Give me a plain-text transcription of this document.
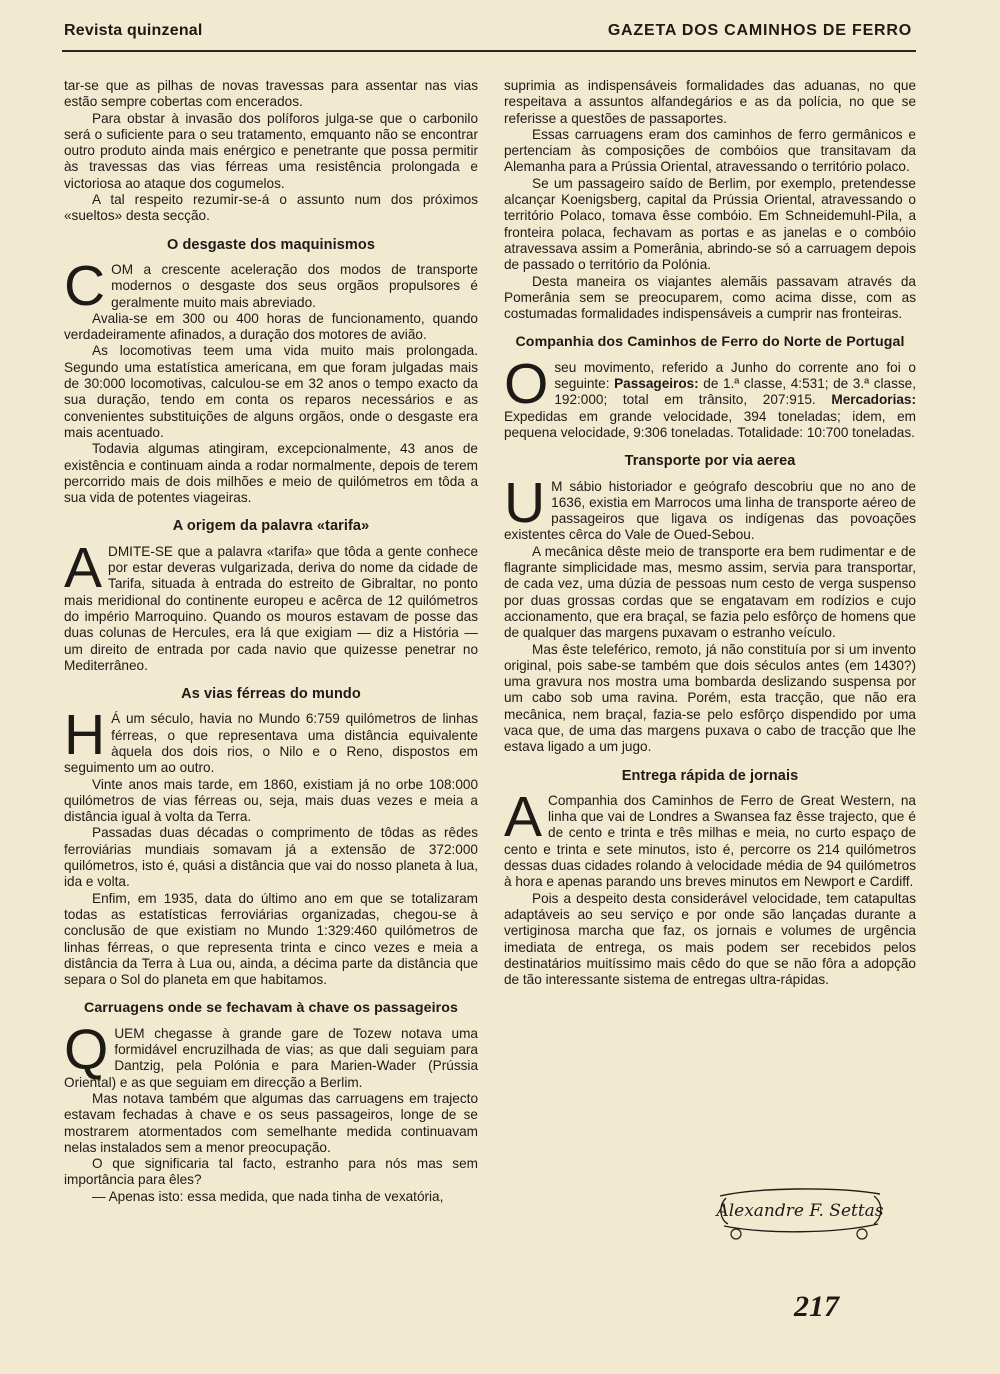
Revista quinzenal	GAZETA DOS CAMINHOS DE FERRO

tar-se que as pilhas de novas travessas para assentar nas vias estão sempre cobertas com encerados.

Para obstar à invasão dos políforos julga-se que o carbonilo será o suficiente para o seu tratamento, emquanto não se encontrar outro produto ainda mais enérgico e penetrante que possa permitir às travessas das vias férreas uma resistência prolongada e victoriosa ao ataque dos cogumelos.

A tal respeito rezumir-se-á o assunto num dos próximos «sueltos» desta secção.

O desgaste dos maquinismos

COM a crescente aceleração dos modos de transporte modernos o desgaste dos seus orgãos propulsores é geralmente muito mais abreviado.

Avalia-se em 300 ou 400 horas de funcionamento, quando verdadeiramente afinados, a duração dos motores de avião.

As locomotivas teem uma vida muito mais prolongada. Segundo uma estatística americana, em que foram julgadas mais de 30:000 locomotivas, calculou-se em 32 anos o tempo exacto da sua duração, tendo em conta os reparos necessários e as convenientes substituições de alguns orgãos, onde o desgaste era mais acentuado.

Todavia algumas atingiram, excepcionalmente, 43 anos de existência e continuam ainda a rodar normalmente, depois de terem percorrido mais de dois milhões e meio de quilómetros em tôda a sua vida de potentes viageiras.

A origem da palavra «tarifa»

ADMITE-SE que a palavra «tarifa» que tôda a gente conhece por estar deveras vulgarizada, deriva do nome da cidade de Tarifa, situada à entrada do estreito de Gibraltar, no ponto mais meridional do continente europeu e acêrca de 12 quilómetros do império Marroquino. Quando os mouros estavam de posse das duas colunas de Hercules, era lá que exigiam — diz a História — um direito de entrada por cada navio que quizesse penetrar no Mediterrâneo.

As vias férreas do mundo

H Á um século, havia no Mundo 6:759 quilómetros de linhas férreas, o que representava uma distância equivalente àquela dos dois rios, o Nilo e o Reno, dispostos em seguimento um ao outro.

Vinte anos mais tarde, em 1860, existiam já no orbe 108:000 quilómetros de vias férreas ou, seja, mais duas vezes e meia a distância igual à volta da Terra.

Passadas duas décadas o comprimento de tôdas as rêdes ferroviárias mundiais somavam já a extensão de 372:000 quilómetros, isto é, quási a distância que vai do nosso planeta à lua, ida e volta.

Enfim, em 1935, data do último ano em que se totalizaram todas as estatísticas ferroviárias organizadas, chegou-se à conclusão de que existiam no Mundo 1:329:460 quilómetros de linhas férreas, o que representa trinta e cinco vezes e meia a distância da Terra à Lua ou, ainda, a décima parte da distância que separa o Sol do planeta em que habitamos.

Carruagens onde se fechavam à chave os passageiros

QUEM chegasse à grande gare de Tozew notava uma formidável encruzilhada de vias; as que dali seguiam para Dantzig, pela Polónia e para Marien-Wader (Prússia Oriental) e as que seguiam em direcção a Berlim.

Mas notava também que algumas das carruagens em trajecto estavam fechadas à chave e os seus passageiros, longe de se mostrarem atormentados com semelhante medida continuavam nelas instalados sem a menor preocupação.

O que significaria tal facto, estranho para nós mas sem importância para êles?

— Apenas isto: essa medida, que nada tinha de vexatória,

suprimia as indispensáveis formalidades das aduanas, no que respeitava a assuntos alfandegários e as da polícia, no que se referisse a questões de passaportes.

Essas carruagens eram dos caminhos de ferro germânicos e pertenciam às composições de combóios que transitavam da Alemanha para a Prússia Oriental, atravessando o território polaco.

Se um passageiro saído de Berlim, por exemplo, pretendesse alcançar Koenigsberg, capital da Prússia Oriental, atravessando o território Polaco, tomava êsse combóio. Em Schneidemuhl-Pila, a fronteira polaca, fechavam as portas e as janelas e o combóio atravessava assim a Pomerânia, abrindo-se só a carruagem depois de passado o território da Polónia.

Desta maneira os viajantes alemãis passavam através da Pomerânia sem se preocuparem, como acima disse, com as costumadas formalidades indispensáveis a cumprir nas fronteiras.

Companhia dos Caminhos de Ferro do Norte de Portugal

O seu movimento, referido a Junho do corrente ano foi o seguinte: Passageiros: de 1.ª classe, 4:531; de 3.ª classe, 192:000; total em trânsito, 207:915. Mercadorias: Expedidas em grande velocidade, 394 toneladas; idem, em pequena velocidade, 9:306 toneladas. Totalidade: 10:700 toneladas.

Transporte por via aerea

U M sábio historiador e geógrafo descobriu que no ano de 1636, existia em Marrocos uma linha de transporte aéreo de passageiros que ligava os indígenas das povoações existentes cêrca do Vale de Oued-Sebou.

A mecânica dêste meio de transporte era bem rudimentar e de flagrante simplicidade mas, mesmo assim, servia para transportar, de cada vez, uma dúzia de pessoas num cesto de verga suspenso por duas grossas cordas que se engatavam em rodízios e cujo accionamento, que era braçal, se fazia pelo esfôrço de homens que de qualquer das margens puxavam o estranho veículo.

Mas êste teleférico, remoto, já não constituía por si um invento original, pois sabe-se também que dois séculos antes (em 1430?) uma gravura nos mostra uma bombarda deslizando suspensa por um cabo sob uma ravina. Porém, esta tracção, que não era mecânica, nem braçal, fazia-se pelo esfôrço dispendido por uma vaca que, de uma das margens puxava o cabo de tracção que lhe estava ligado a um jugo.

Entrega rápida de jornais

A Companhia dos Caminhos de Ferro de Great Western, na linha que vai de Londres a Swansea faz êsse trajecto, que é de cento e trinta e três milhas e meia, no curto espaço de cento e trinta e sete minutos, isto é, percorre os 214 quilómetros dessas duas cidades rolando à velocidade média de 94 quilómetros à hora e apenas parando uns breves minutos em Newport e Cardiff.

Pois a despeito desta considerável velocidade, tem catapultas adaptáveis ao seu serviço e por onde são lançadas durante a vertiginosa marcha que faz, os jornais e volumes de urgência imediata de entrega, os mais podem ser recebidos pelos destinatários muitíssimo mais cêdo do que se não fôra a adopção de tão interessante sistema de entregas ultra-rápidas.

Alexandre F. Settas
217
